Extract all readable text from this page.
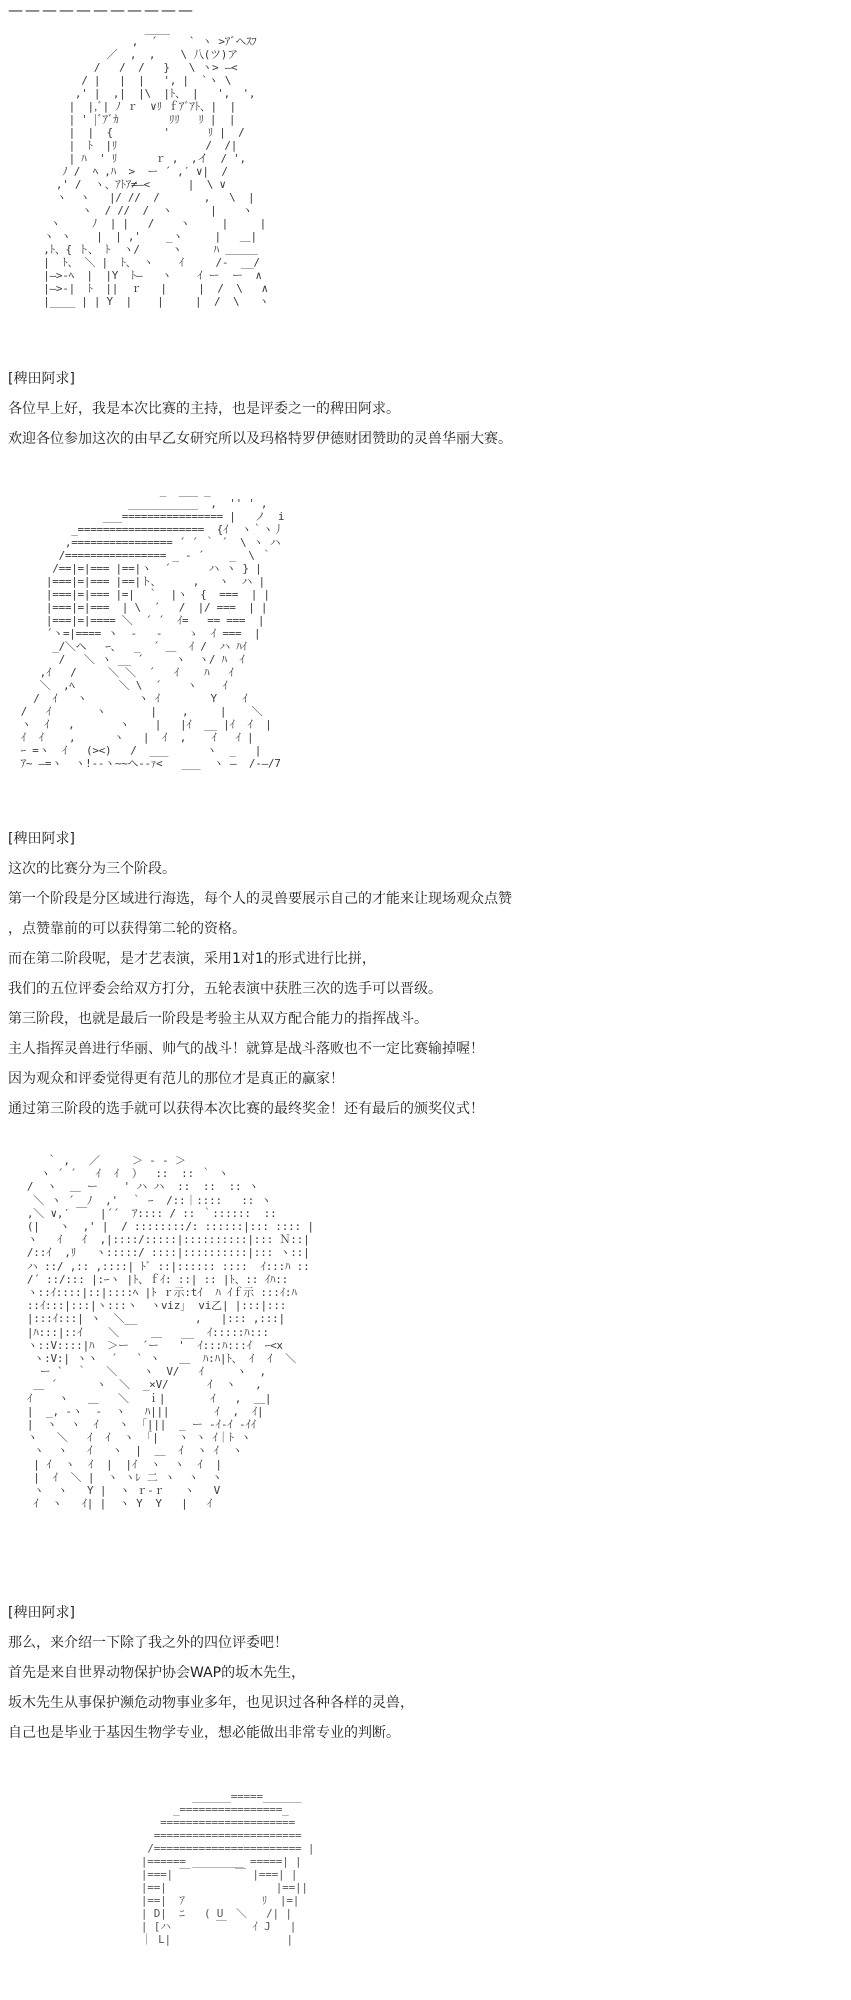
———————————
____
,  ´     ` ヽ >ｱﾞヘｽﾌ
／  ,  ,    \ 八(ツ)ア
/   /  /   }   \ ヽ> ―<
/ |   |  |   ', |  `ヽ \
,' |  ,|  |\  |ﾄ、 |   ',  ',
|  |,ﾞ| ﾉ ｒ  ∨ﾘ ｆｱﾞｱﾄ、|  |
| ' |ﾞｱﾞｶ        ﾘﾘ   ﾘ |  |
|  |  {        '      ﾘ |  /
|  ﾄ  |ﾘ              /  /|
| ﾊ  ' ﾘ      ｒ ,  ,イ  / ',
ﾉ /  ﾍ ,ﾊ  >  ー ´ ,′ ∨|  /
,' /  ヽ、ｱﾄｱ≠―<      |  \ ∨
ヽ  ヽ   |/ //  /       ,   \  |
ヽ  / //  /  ヽ      |    ヽ
ヽ     ﾉ  | |   /    ヽ     |     |
ヽ ヽ    |  | ,'    _ヽ     |   ＿|
,ﾄ、{ ト、 ﾄ  ヽ/     ヽ     ﾊ ＿＿＿
|  ﾄ、 ＼ |  ﾄ、 ヽ    ｲ     /-  __/
|―>-ﾍ  |  |Y  ﾄ―   ヽ    ｲ ー  ー  ∧
|―>-|  ﾄ  ||  ｒ   |     |  /  \   ∧
|____ | | Y  |    |     |  /  \   ヽ
[稗田阿求]
各位早上好，我是本次比赛的主持，也是评委之一的稗田阿求。
欢迎各位参加这次的由早乙女研究所以及玛格特罗伊德财团赞助的灵兽华丽大赛。
_  ___ _
___________  ,  '' ' ,
___================ |   ノ  i
_====================  {ｲ  ヽ｀ヽ丿
,================ ´ ´ ｀ ´  \ ヽ ハ
/================ _ ‐ ´    _  \ ｀
/==|=|=== |==|ヽ  ´      ハ ヽ } |
|===|=|=== |==|ト、     ,   ヽ  ハ |
|===|=|=== |=|  ｀  |ヽ  {  ===  | |
|===|=|===  | \  ´   /  |/ ===  | |
|===|=|==== ＼  ´ ´  ｲ=   == ===  |
´ヽ=|==== ヽ  ‐   ‐    ゝ  ｲ ===  |
_/＼ヘ   ｰ、  _  ´ ＿  ｲ /  ハ ﾊｲ
/   ＼ ヽ __ ´     ヽ  ヽ/ ﾊ  ｲ
,ｲ   /     ＼ ＼  ´   ｲ    ﾊ   ｲ
＼  ,ﾍ       ＼ \  ´    ヽ    ｲ
/  ｲ   ヽ        ヽ ｲ        Y    ｲ
/   ｲ       ヽ       |    ,     |    ＼
ヽ  ｲ   ,       ヽ    |   |ｲ  __ |ｲ  ｲ  |
ｲ  ｲ    ,      ヽ   |  ｲ  ,    ｲ   ｲ |
ｰ =ヽ  ｲ   (><)   /  ___      ヽ  _   |
ｱ~ ―=ヽ  ヽ!--ヽ~~ヘ--ｧ<   ___  ヽ ―  /-―/7
[稗田阿求]
这次的比赛分为三个阶段。
第一个阶段是分区域进行海选，每个人的灵兽要展示自己的才能来让现场观众点赞
，点赞靠前的可以获得第二轮的资格。
而在第二阶段呢，是才艺表演，采用1对1的形式进行比拼，
我们的五位评委会给双方打分，五轮表演中获胜三次的选手可以晋级。
第三阶段，也就是最后一阶段是考验主从双方配合能力的指挥战斗。
主人指挥灵兽进行华丽、帅气的战斗！就算是战斗落败也不一定比赛输掉喔！
因为观众和评委觉得更有范儿的那位才是真正的赢家！
通过第三阶段的选手就可以获得本次比赛的最终奖金！还有最后的颁奖仪式！
｀ ,   ／     ＞ ‐ ‐ ＞
ヽ ´ ´   ｲ  ｲ  ）  ::  :: ｀ ヽ
/  ヽ  ＿ ー    ' ハ ハ  ::  ::  :: ヽ
＼ ヽ ´  ﾉ  ,'  ｀ ｰ  /::｜::::   :: ヽ
,＼ ∨,′ ￣  |´´  ｱ:::: / :: ｀::::::  ::
(|   ヽ  ,' |  / ::::::::/: ::::::|::: :::: |
ヽ   ｲ   ｲ  ,|::::/:::::|::::::::::|::: Ｎ::|
/::ｲ  ,ﾘ   ヽ:::::/ ::::|::::::::::|::: ヽ::|
ハ ::/ ,:: ,::::| ﾄﾞ ::|:::::: ::::  ｲ:::ﾊ ::
/´ ::/::: |:ｰヽ |ﾄ、ｆｲ: ::| :: |ﾄ、:: ｲﾊ::
ヽ::ｲ::::|::|::::ﾍ |ﾄ ｒ示:tｲ  ﾊ ｲｆ示 :::ｲ:ﾊ
::ｲ:::|:::|ヽ:::ヽ  ヽviz｣  vi乙| |:::|:::
|:::ｲ:::| ヽ  ＼__         ,   |::: ,:::|
|ﾊ:::|::ｲ    ＼     ＿   __  ｲ:::::ﾊ:::
ヽ::V::::|ﾊ  ＞ー  ´ー   '  ｲ:::ﾊ:::ｲ  ｰ<x
ヽ:V:| ヽヽ  ´   ` ヽ   ＿  ﾊ:ﾊ|ﾄ、 ｲ  ｲ  ＼
ー `  ｀   ＼    ヽ  V/   ｲ     ヽ  ,
＿ ´      ヽ  ＼  _×V/      ｲ  ヽ   ,
ｲ    ヽ   ＿   ＼   ｉ|       ｲ   ,  ＿|
|  _, -ヽ  -  ヽ   ﾊ|||       ｲ  ,  ｲ|
|  ヽ  ヽ  ｲ   ヽ  ｢|||  _ ー -ｲ-ｲ -ｲｲ
ヽ   ＼   ｲ  ｲ  ヽ  ｢|   ヽ ヽ ｲ｜ﾄ ヽ
ヽ  ヽ   ｲ   ヽ  |  ＿  ｲ  ヽ ｲ  ヽ
| ｲ  ヽ  ｲ  |  |ｲ  ヽ  ヽ  ｲ  |
|  ｲ  ＼ |  ヽ ヽﾚ 二 ヽ  ヽ  ヽ
ヽ  ヽ   Y |  ヽ ｒ-ｒ   ヽ   V
ｲ  ヽ   ｲ| |  ヽ Y  Y   |   ｲ
[稗田阿求]
那么，来介绍一下除了我之外的四位评委吧！
首先是来自世界动物保护协会WAP的坂木先生，
坂木先生从事保护濒危动物事业多年，也见识过各种各样的灵兽，
自己也是毕业于基因生物学专业，想必能做出非常专业的判断。
______=====______
_================_
=====================
=======================
/======================= |
|====== ________ =====| |
|===| ￣       ￣ |===| |
|==|                 |==||
|==|  ｱ            ﾘ  |=|
| D|  ﾆ   ( U  ＼   /| |
| [ハ       ￣    ｲ J   |
｜ L|                  |
